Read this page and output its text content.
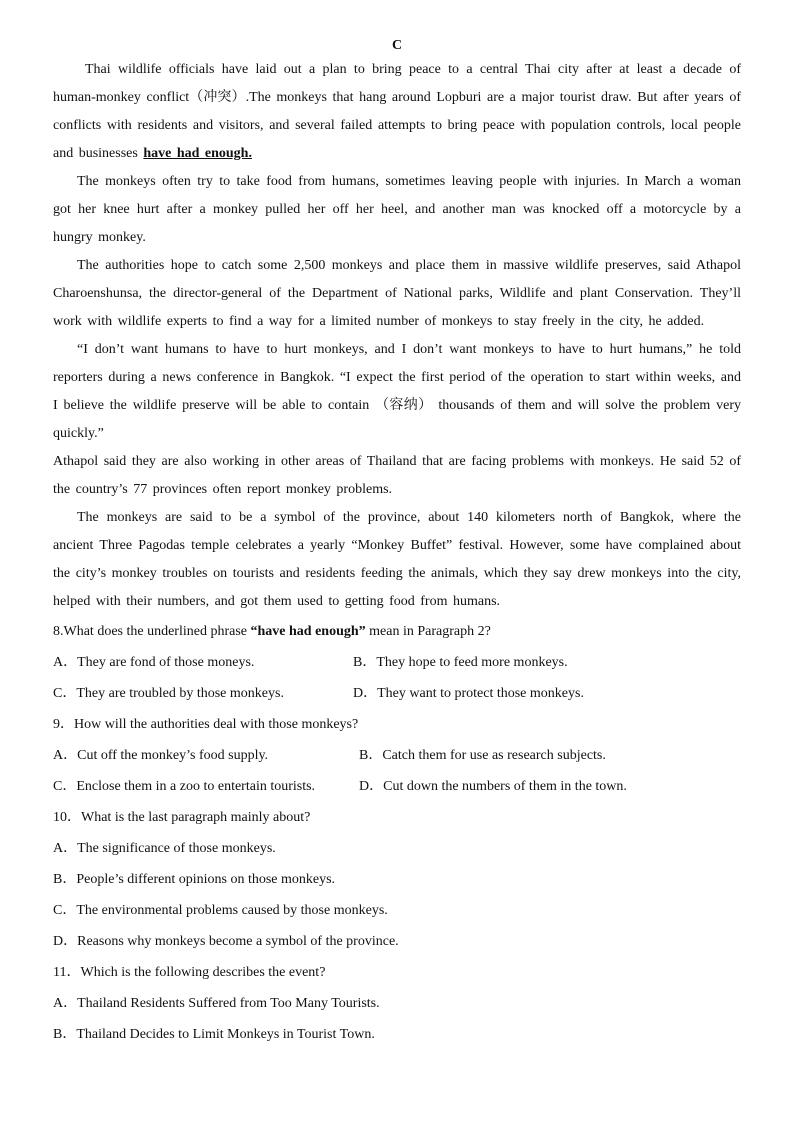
C

Thai wildlife officials have laid out a plan to bring peace to a central Thai city after at least a decade of human-monkey conflict（冲突）.The monkeys that hang around Lopburi are a major tourist draw. But after years of conflicts with residents and visitors, and several failed attempts to bring peace with population controls, local people and businesses have had enough.

The monkeys often try to take food from humans, sometimes leaving people with injuries. In March a woman got her knee hurt after a monkey pulled her off her heel, and another man was knocked off a motorcycle by a hungry monkey.

The authorities hope to catch some 2,500 monkeys and place them in massive wildlife preserves, said Athapol Charoenshunsa, the director-general of the Department of National parks, Wildlife and plant Conservation. They’ll work with wildlife experts to find a way for a limited number of monkeys to stay freely in the city, he added.

“I don’t want humans to have to hurt monkeys, and I don’t want monkeys to have to hurt humans,” he told reporters during a news conference in Bangkok. “I expect the first period of the operation to start within weeks, and I believe the wildlife preserve will be able to contain （容纳） thousands of them and will solve the problem very quickly.”

Athapol said they are also working in other areas of Thailand that are facing problems with monkeys. He said 52 of the country’s 77 provinces often report monkey problems.

The monkeys are said to be a symbol of the province, about 140 kilometers north of Bangkok, where the ancient Three Pagodas temple celebrates a yearly “Monkey Buffet” festival. However, some have complained about the city’s monkey troubles on tourists and residents feeding the animals, which they say drew monkeys into the city, helped with their numbers, and got them used to getting food from humans.

8.What does the underlined phrase “have had enough” mean in Paragraph 2?

A．They are fond of those moneys.	B．They hope to feed more monkeys.
C．They are troubled by those monkeys.	D．They want to protect those monkeys.

9．How will the authorities deal with those monkeys?

A．Cut off the monkey’s food supply.	B．Catch them for use as research subjects.
C．Enclose them in a zoo to entertain tourists.	D．Cut down the numbers of them in the town.

10．What is the last paragraph mainly about?

A．The significance of those monkeys.

B．People’s different opinions on those monkeys.

C．The environmental problems caused by those monkeys.

D．Reasons why monkeys become a symbol of the province.

11．Which is the following describes the event?

A．Thailand Residents Suffered from Too Many Tourists.

B．Thailand Decides to Limit Monkeys in Tourist Town.
